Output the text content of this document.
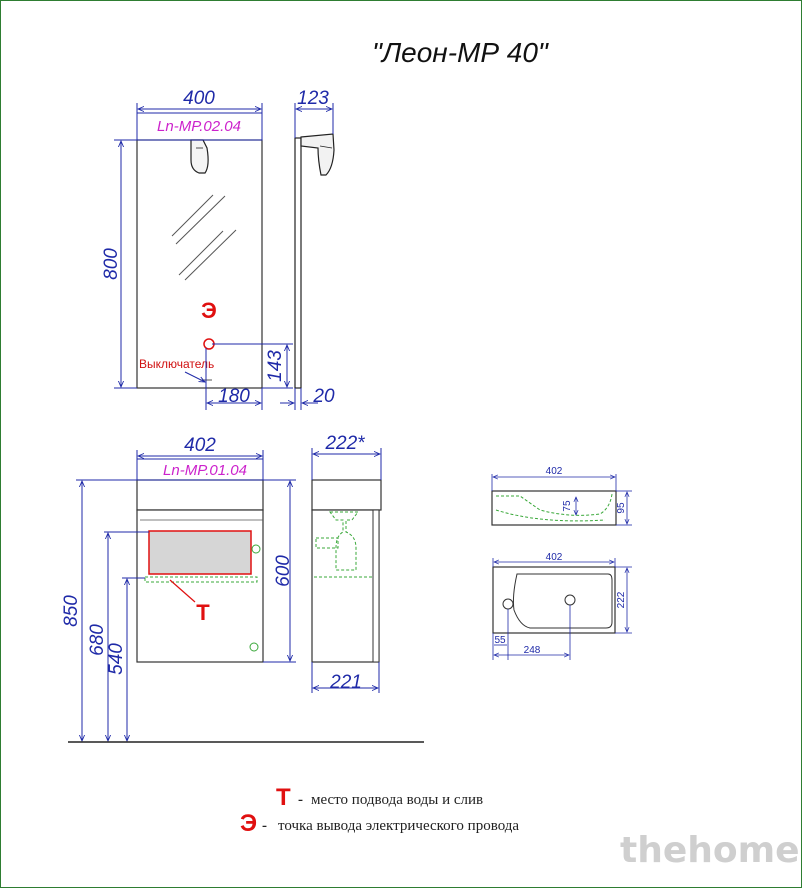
"Леон-МР 40"
Э
Выключатель
400
800
Ln-MP.02.04
180
143
123
20
Т
402
Ln-MP.01.04
850
680
540
600
222*
221
402
75	95
402
222
55
248
Т - место подвода воды и слив
Э - точка вывода электрического провода
thehome
